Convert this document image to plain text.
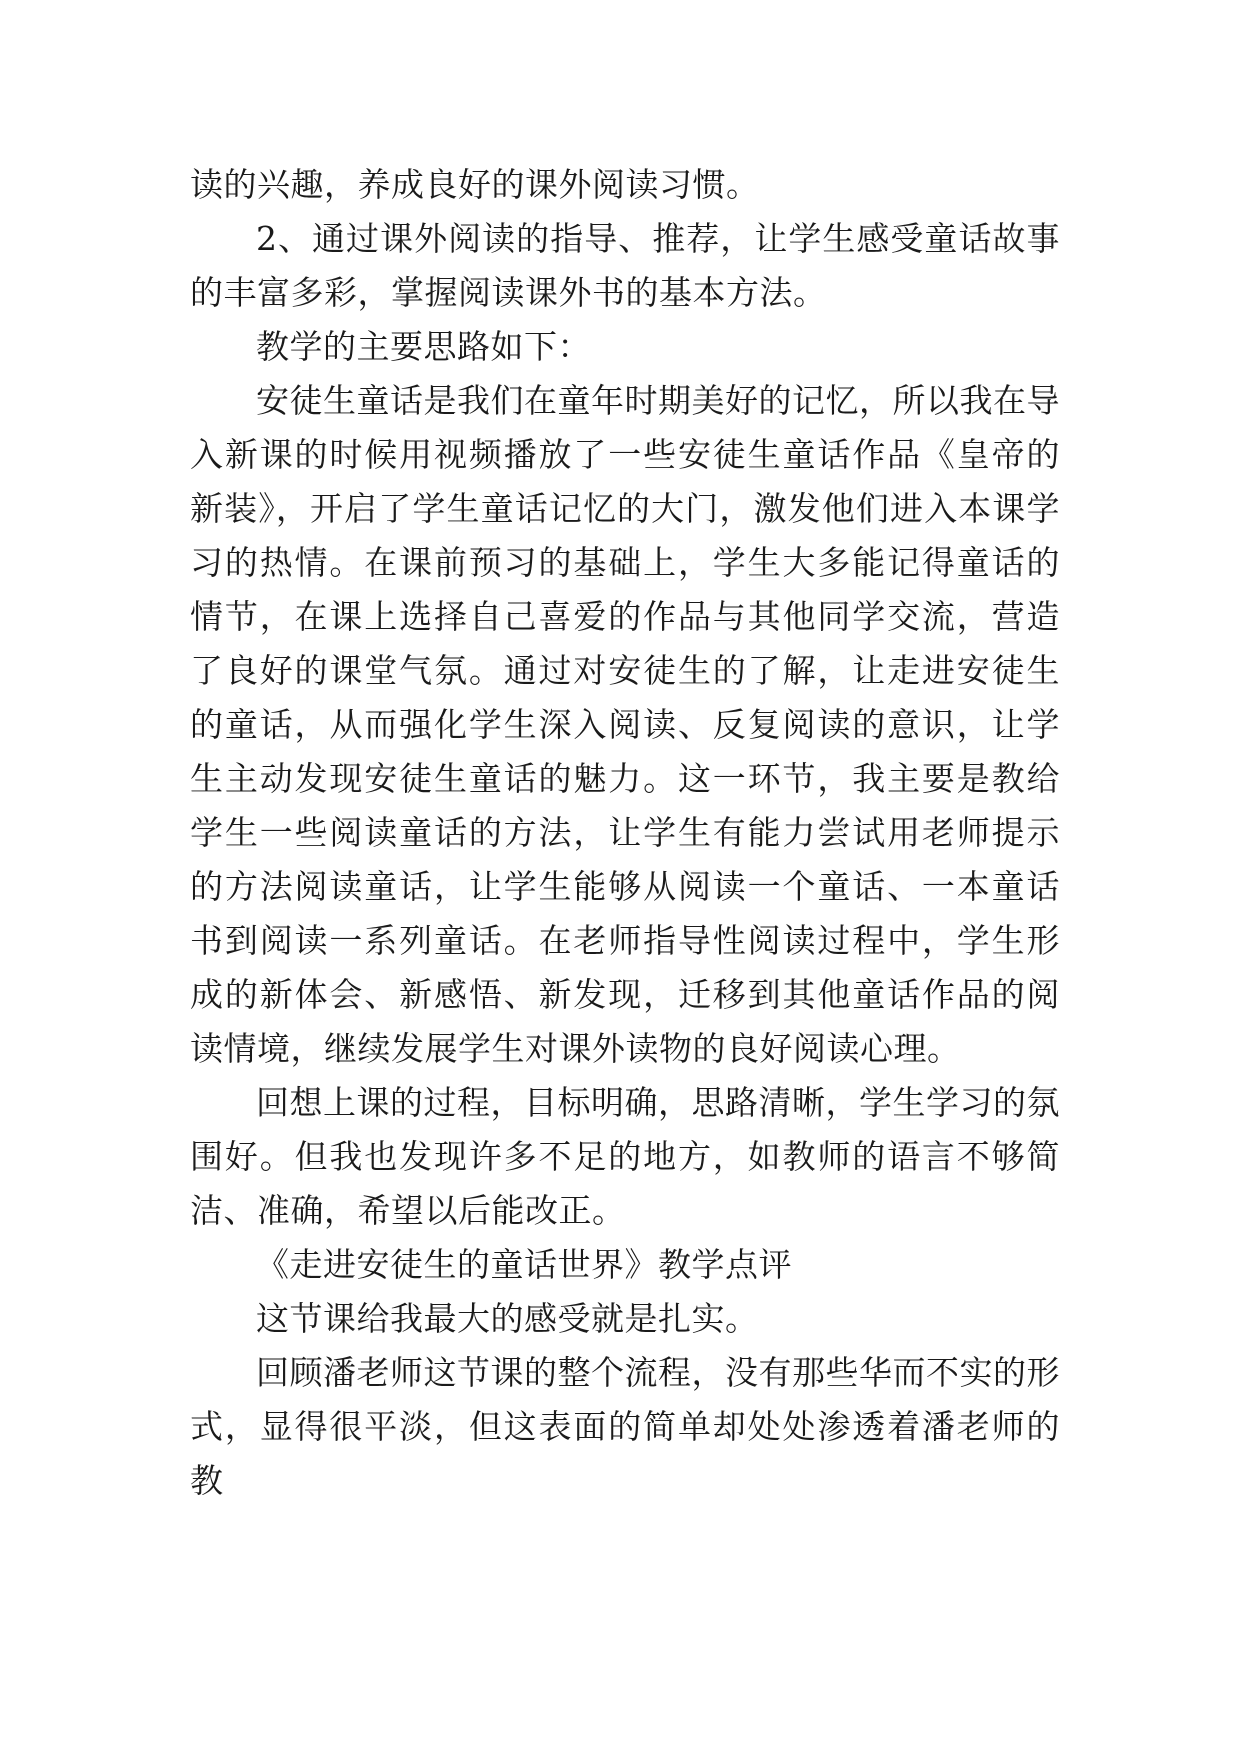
读的兴趣，养成良好的课外阅读习惯。

2、通过课外阅读的指导、推荐，让学生感受童话故事的丰富多彩，掌握阅读课外书的基本方法。

教学的主要思路如下：

安徒生童话是我们在童年时期美好的记忆，所以我在导入新课的时候用视频播放了一些安徒生童话作品《皇帝的新装》，开启了学生童话记忆的大门，激发他们进入本课学习的热情。在课前预习的基础上，学生大多能记得童话的情节，在课上选择自己喜爱的作品与其他同学交流，营造了良好的课堂气氛。通过对安徒生的了解，让走进安徒生的童话，从而强化学生深入阅读、反复阅读的意识，让学生主动发现安徒生童话的魅力。这一环节，我主要是教给学生一些阅读童话的方法，让学生有能力尝试用老师提示的方法阅读童话，让学生能够从阅读一个童话、一本童话书到阅读一系列童话。在老师指导性阅读过程中，学生形成的新体会、新感悟、新发现，迁移到其他童话作品的阅读情境，继续发展学生对课外读物的良好阅读心理。

回想上课的过程，目标明确，思路清晰，学生学习的氛围好。但我也发现许多不足的地方，如教师的语言不够简洁、准确，希望以后能改正。

《走进安徒生的童话世界》教学点评

这节课给我最大的感受就是扎实。

回顾潘老师这节课的整个流程，没有那些华而不实的形式，显得很平淡，但这表面的简单却处处渗透着潘老师的教
